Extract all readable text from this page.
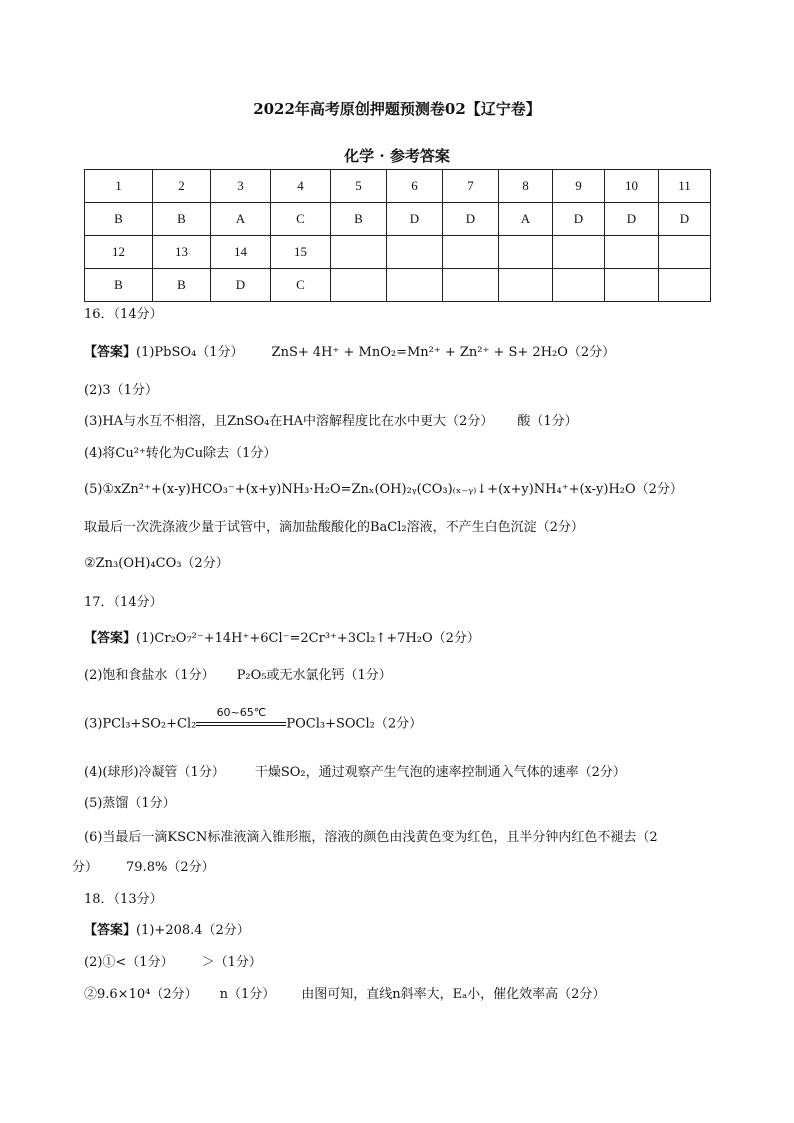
2022年高考原创押题预测卷02【辽宁卷】
化学 · 参考答案
1	2	3	4	5	6	7	8	9	10	11
B	B	A	C	B	D	D	A	D	D	D
12	13	14	15							
B	B	D	C							
16．（14分）
【答案】(1)PbSO₄（1分） ZnS+ 4H⁺ + MnO₂=Mn²⁺ + Zn²⁺ + S+ 2H₂O（2分）
(2)3（1分）
(3)HA与水互不相溶，且ZnSO₄在HA中溶解程度比在水中更大（2分） 酸（1分）
(4)将Cu²⁺转化为Cu除去（1分）
(5)①xZn²⁺+(x-y)HCO₃⁻+(x+y)NH₃·H₂O=Znₓ(OH)₂ᵧ(CO₃)₍ₓ₋ᵧ₎↓+(x+y)NH₄⁺+(x-y)H₂O（2分）
取最后一次洗涤液少量于试管中，滴加盐酸酸化的BaCl₂溶液，不产生白色沉淀（2分）
②Zn₃(OH)₄CO₃（2分）
17．（14分）
【答案】(1)Cr₂O₇²⁻+14H⁺+6Cl⁻=2Cr³⁺+3Cl₂↑+7H₂O（2分）
(2)饱和食盐水（1分） P₂O₅或无水氯化钙（1分）
(3)PCl₃+SO₂+Cl₂
60~65℃
POCl₃+SOCl₂（2分）
(4)(球形)冷凝管（1分） 干燥SO₂，通过观察产生气泡的速率控制通入气体的速率（2分）
(5)蒸馏（1分）
(6)当最后一滴KSCN标准液滴入锥形瓶，溶液的颜色由浅黄色变为红色，且半分钟内红色不褪去（2
分） 79.8%（2分）
18．（13分）
【答案】(1)+208.4（2分）
(2)①<（1分） ＞（1分）
②9.6×10⁴（2分） n（1分） 由图可知，直线n斜率大，Eₐ小，催化效率高（2分）
